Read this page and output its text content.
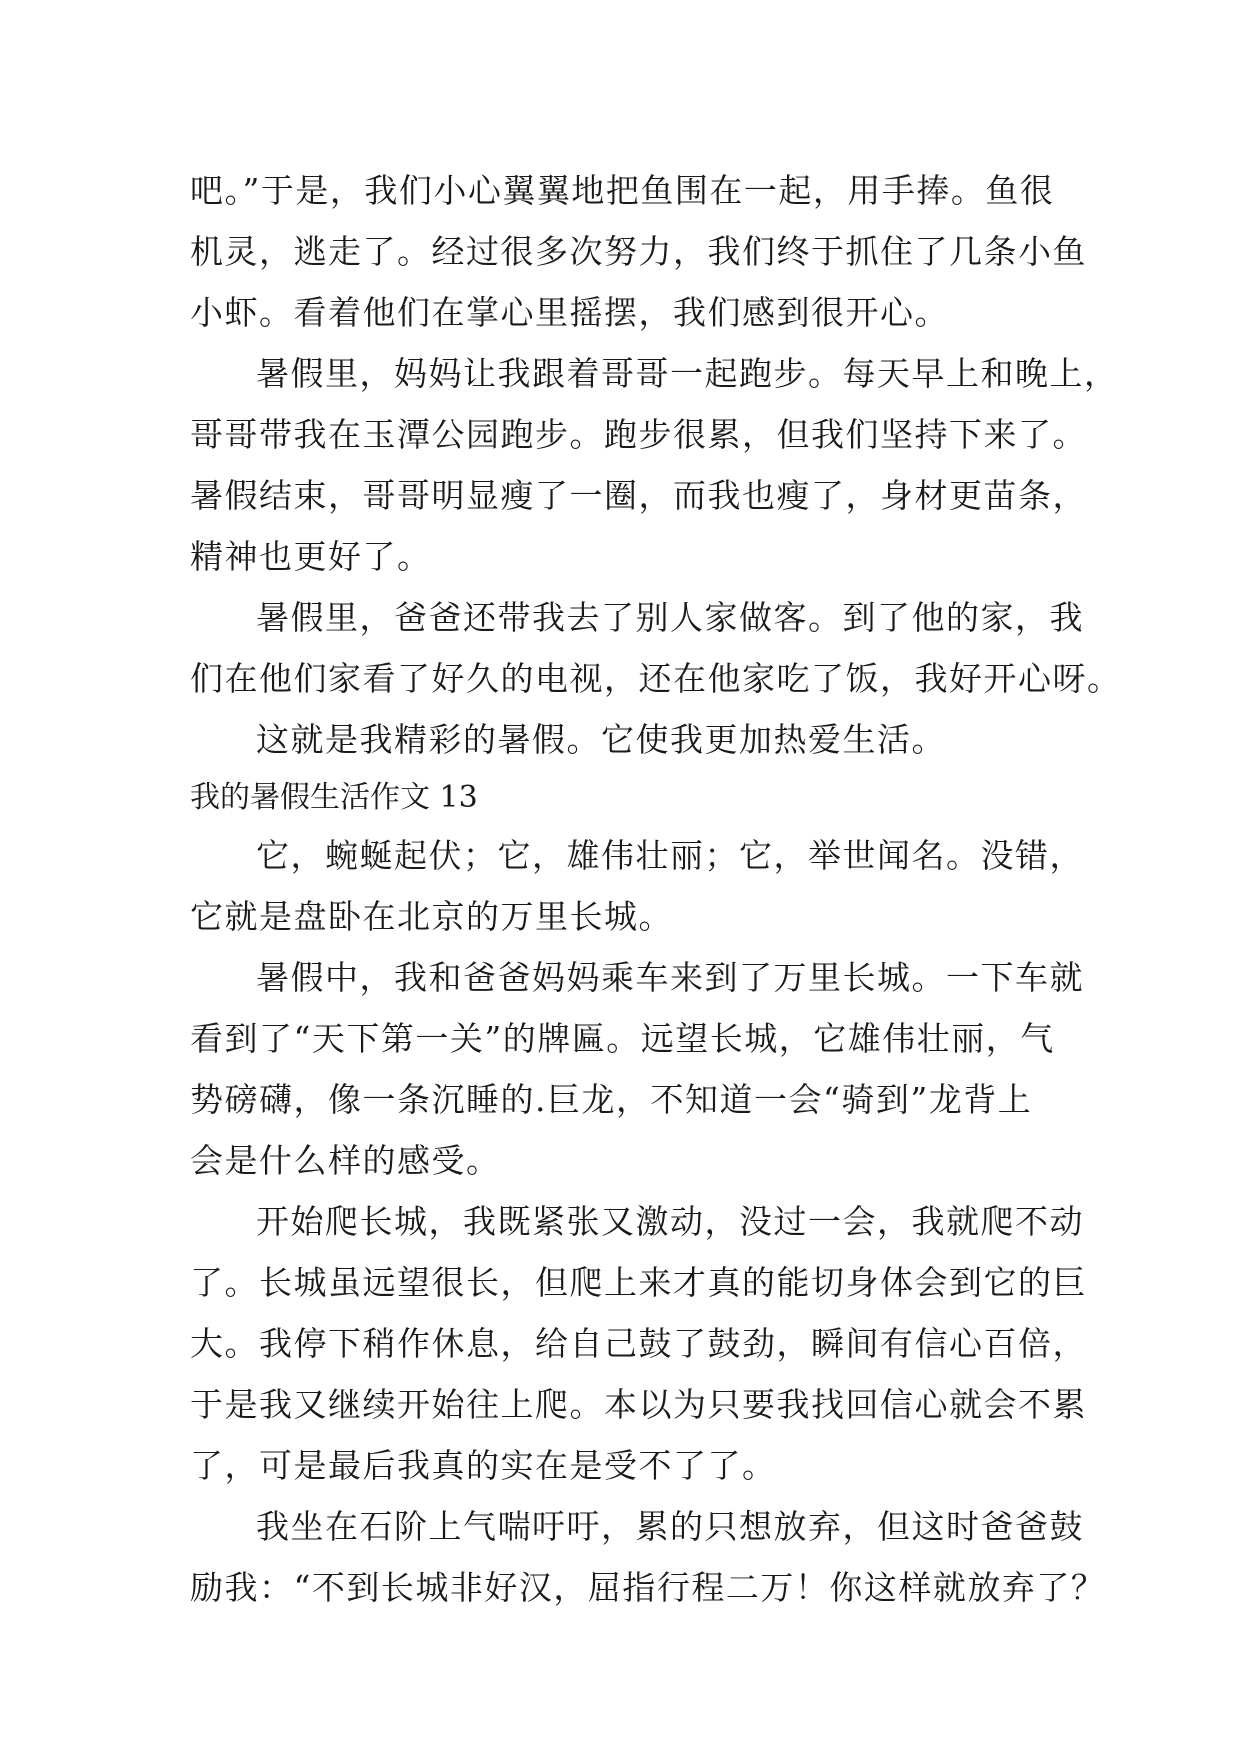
吧。”于是，我们小心翼翼地把鱼围在一起，用手捧。鱼很
机灵，逃走了。经过很多次努力，我们终于抓住了几条小鱼
小虾。看着他们在掌心里摇摆，我们感到很开心。
暑假里，妈妈让我跟着哥哥一起跑步。每天早上和晚上，
哥哥带我在玉潭公园跑步。跑步很累，但我们坚持下来了。
暑假结束，哥哥明显瘦了一圈，而我也瘦了，身材更苗条，
精神也更好了。
暑假里，爸爸还带我去了别人家做客。到了他的家，我
们在他们家看了好久的电视，还在他家吃了饭，我好开心呀。
这就是我精彩的暑假。它使我更加热爱生活。
我的暑假生活作文 13
它，蜿蜒起伏；它，雄伟壮丽；它，举世闻名。没错，
它就是盘卧在北京的万里长城。
暑假中，我和爸爸妈妈乘车来到了万里长城。一下车就
看到了“天下第一关”的牌匾。远望长城，它雄伟壮丽，气
势磅礴，像一条沉睡的.巨龙，不知道一会“骑到”龙背上
会是什么样的感受。
开始爬长城，我既紧张又激动，没过一会，我就爬不动
了。长城虽远望很长，但爬上来才真的能切身体会到它的巨
大。我停下稍作休息，给自己鼓了鼓劲，瞬间有信心百倍，
于是我又继续开始往上爬。本以为只要我找回信心就会不累
了，可是最后我真的实在是受不了了。
我坐在石阶上气喘吁吁，累的只想放弃，但这时爸爸鼓
励我：“不到长城非好汉，屈指行程二万！你这样就放弃了？
